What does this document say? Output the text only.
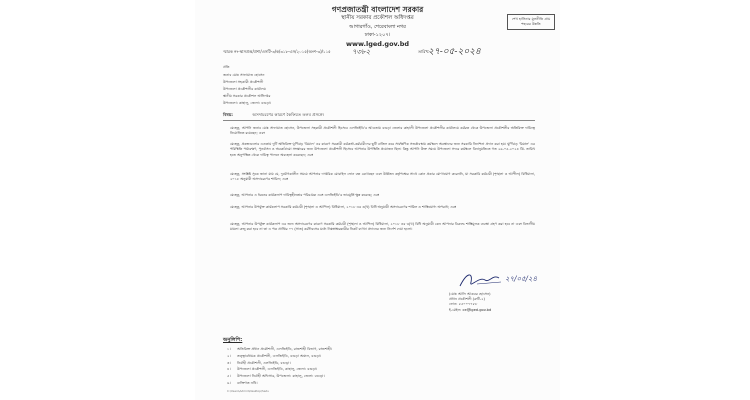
গণপ্রজাতন্ত্রী বাংলাদেশ সরকার
স্থানীয় সরকার প্রকৌশল অধিদপ্তর
আগারগাঁও, শেরেবাংলা নগর
ঢাকা-১২০৭।
www.lged.gov.bd
শেখ হাসিনার মূলনীতি গ্রাম শহরের উন্নতি
স্মারক নং-স্থাসপ্রঅ/প্রশা/এসটি-৩/ক/৩১৮-এস/২০১৫(অংশ-৩)/১১৫	৭৩৮২	তারিখ:
২৭-০৫-২০২৪
প্রতি
জনাব মোঃ সাফায়াত হোসেন
উপজেলা সহকারী প্রকৌশলী
উপজেলা প্রকৌশলীর কার্যালয়
স্থানীয় সরকার প্রকৌশল অধিদপ্তর
উপজেলা: কাহালু, জেলা: বগুড়া।
বিষয়:	অসদাচরণের কারণে কৈফিয়ত তলব প্রসঙ্গে।
যেহেতু, আপনি জনাব মোঃ সাফায়াত হোসেন, উপজেলা সহকারী প্রকৌশলী হিসেবে এলজিইডি'র আওতায় বগুড়া জেলার কাহালী উপজেলা প্রকৌশলীর কার্যালয়ে কর্মরত থেকে উপজেলা প্রকৌশলীর অতিরিক্ত দায়িত্বে নিয়োজিত রয়েছেন; এবং
যেহেতু, প্রকল্পগুলোর এওতায় দুটি অতিরিক্ত ঘূর্ণিঝড় 'রিমাল' এর কারণে সরকারী কর্মকর্তা-কর্মচারীদের ছুটি বাতিল করে সার্বক্ষণিক সতর্কাবস্থায় কর্মস্থলে অবস্থানের জন্য সরকারি নির্দেশনা প্রদান করা হয়। ঘূর্ণিঝড় 'রিমাল' এর পরিস্থিতি পর্যবেক্ষণ, পুনর্বাসন ও অবকাঠামো সংস্কারের জন্য উপজেলা প্রকৌশলী হিসেবে আপনার উপস্থিতি প্রয়োজন ছিল। কিন্তু আপনি উক্ত সময়ে উপজেলা সদরে কর্মস্থলে বিনানুমতিতে গত ২৬-০৫-২০২৪ খ্রি. তারিখ হতে অনুপস্থিত থেকে দায়িত্ব পালনে অবহেলা করেছেন; এবং
যেহেতু, সংশ্লিষ্ট সূত্রে জানা যায় যে, দুর্যোগকালীন সময়ে আপনার দাপ্তরিক মোবাইল ফোন বন্ধ রেখেছেন এবং উর্ধ্বতন কর্তৃপক্ষের সাথে কোন প্রকার যোগাযোগ করেননি, যা সরকারি কর্মচারী (শৃঙ্খলা ও আপীল) বিধিমালা, ২০১৮ অনুযায়ী অসদাচরণের শামিল; এবং
যেহেতু, আপনার এ ধরনের কার্যকলাপ দায়িত্বহীনতার পরিচায়ক এবং এলজিইডি'র ভাবমূর্তি ক্ষুন্ন করেছে; এবং
যেহেতু, আপনার উপর্যুক্ত কার্যকলাপ সরকারি কর্মচারী (শৃঙ্খলা ও আপিল) বিধিমালা, ২০১৮ এর ৩(খ) বিধি অনুযায়ী অসদাচরণের শামিল ও শাস্তিযোগ্য অপরাধ; এবং
যেহেতু, আপনার উপর্যুক্ত কার্যকলাপ এর জন্য অসদাচরণের কারণে সরকারি কর্মচারী (শৃঙ্খলা ও আপিল) বিধিমালা, ২০১৮ এর ৩(খ) বিধি অনুযায়ী কেন আপনার বিরুদ্ধে শাস্তিমূলক ব্যবস্থা গ্রহণ করা হবে না এবং বিভাগীয় মামলা রুজু করা হবে না তা এ পত্র প্রাপ্তির ০৭ (সাত) কর্মদিবসের মধ্যে নিম্নস্বাক্ষরকারীর নিকট ব্যাখ্যা প্রদানের জন্য নির্দেশ দেয়া হলো।
২৭/০৫/২৪
(মোঃ আলি আকবর হোসেন)
প্রধান প্রকৌশলী (রুটি-২)
ফোন: ৫৫০০৭৭৮৮
ই-মেইল: ce@lged.gov.bd
অনুলিপি:
১। অতিরিক্ত প্রধান প্রকৌশলী, এলজিইডি, রাজশাহী বিভাগ, রাজশাহী।
২। তত্ত্বাবধায়ক প্রকৌশলী, এলজিইডি, বগুড়া অঞ্চল, বগুড়া।
৩। নির্বাহী প্রকৌশলী, এলজিইডি, বগুড়া।
৪। উপজেলা প্রকৌশলী, এলজিইডি, কাহালু, জেলা: বগুড়া।
৫। উপজেলা নির্বাহী অফিসার, উপজেলা: কাহালু, জেলা: বগুড়া।
৬। ব্যক্তিগত নথি।
C:\Users\Admin\Desktop\Sadu
